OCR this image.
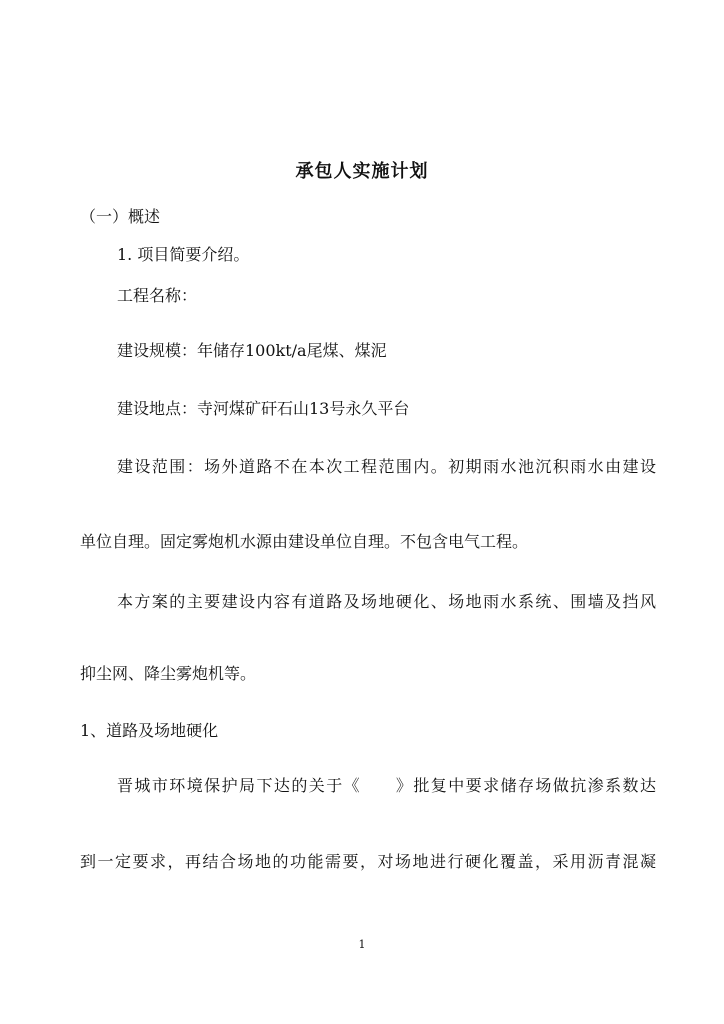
承包人实施计划
（一）概述
1. 项目简要介绍。
工程名称：
建设规模：年储存100kt/a尾煤、煤泥
建设地点：寺河煤矿矸石山13号永久平台
建设范围：场外道路不在本次工程范围内。初期雨水池沉积雨水由建设
单位自理。固定雾炮机水源由建设单位自理。不包含电气工程。
本方案的主要建设内容有道路及场地硬化、场地雨水系统、围墙及挡风
抑尘网、降尘雾炮机等。
1、道路及场地硬化
晋城市环境保护局下达的关于《　　》批复中要求储存场做抗渗系数达
到一定要求，再结合场地的功能需要，对场地进行硬化覆盖，采用沥青混凝
1
